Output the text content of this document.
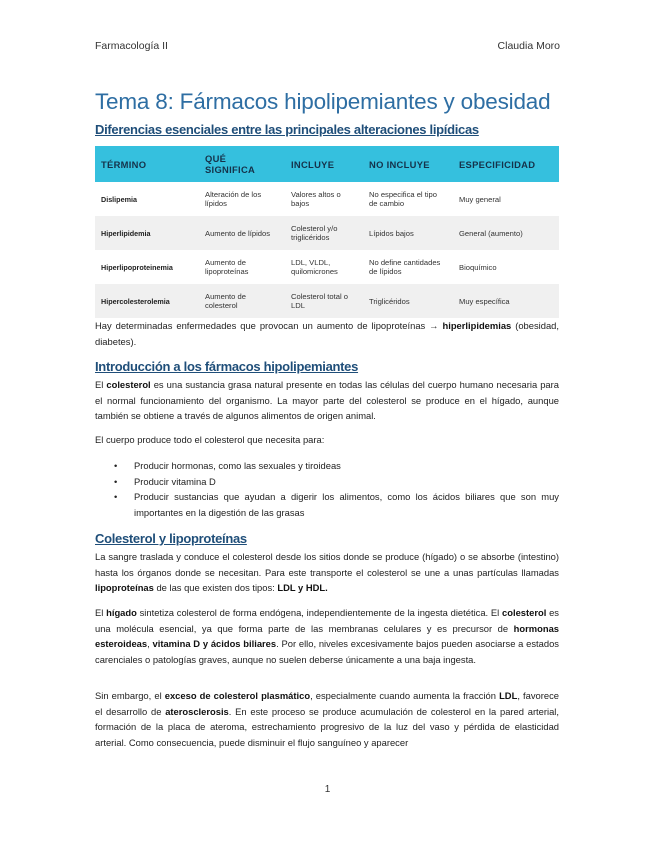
Farmacología II	Claudia Moro
Tema 8: Fármacos hipolipemiantes y obesidad
Diferencias esenciales entre las principales alteraciones lipídicas
TÉRMINO	QUÉ SIGNIFICA	INCLUYE	NO INCLUYE	ESPECIFICIDAD
Dislipemia	Alteración de los lípidos	Valores altos o bajos	No especifica el tipo de cambio	Muy general
Hiperlipidemia	Aumento de lípidos	Colesterol y/o triglicéridos	Lípidos bajos	General (aumento)
Hiperlipoproteinemia	Aumento de lipoproteínas	LDL, VLDL, quilomicrones	No define cantidades de lípidos	Bioquímico
Hipercolesterolemia	Aumento de colesterol	Colesterol total o LDL	Triglicéridos	Muy específica
Hay determinadas enfermedades que provocan un aumento de lipoproteínas → hiperlipidemias (obesidad, diabetes).
Introducción a los fármacos hipolipemiantes
El colesterol es una sustancia grasa natural presente en todas las células del cuerpo humano necesaria para el normal funcionamiento del organismo. La mayor parte del colesterol se produce en el hígado, aunque también se obtiene a través de algunos alimentos de origen animal.
El cuerpo produce todo el colesterol que necesita para:
• Producir hormonas, como las sexuales y tiroideas
• Producir vitamina D
• Producir sustancias que ayudan a digerir los alimentos, como los ácidos biliares que son muy importantes en la digestión de las grasas
Colesterol y lipoproteínas
La sangre traslada y conduce el colesterol desde los sitios donde se produce (hígado) o se absorbe (intestino) hasta los órganos donde se necesitan. Para este transporte el colesterol se une a unas partículas llamadas lipoproteínas de las que existen dos tipos: LDL y HDL.
El hígado sintetiza colesterol de forma endógena, independientemente de la ingesta dietética. El colesterol es una molécula esencial, ya que forma parte de las membranas celulares y es precursor de hormonas esteroideas, vitamina D y ácidos biliares. Por ello, niveles excesivamente bajos pueden asociarse a estados carenciales o patologías graves, aunque no suelen deberse únicamente a una baja ingesta.
Sin embargo, el exceso de colesterol plasmático, especialmente cuando aumenta la fracción LDL, favorece el desarrollo de aterosclerosis. En este proceso se produce acumulación de colesterol en la pared arterial, formación de la placa de ateroma, estrechamiento progresivo de la luz del vaso y pérdida de elasticidad arterial. Como consecuencia, puede disminuir el flujo sanguíneo y aparecer
1
